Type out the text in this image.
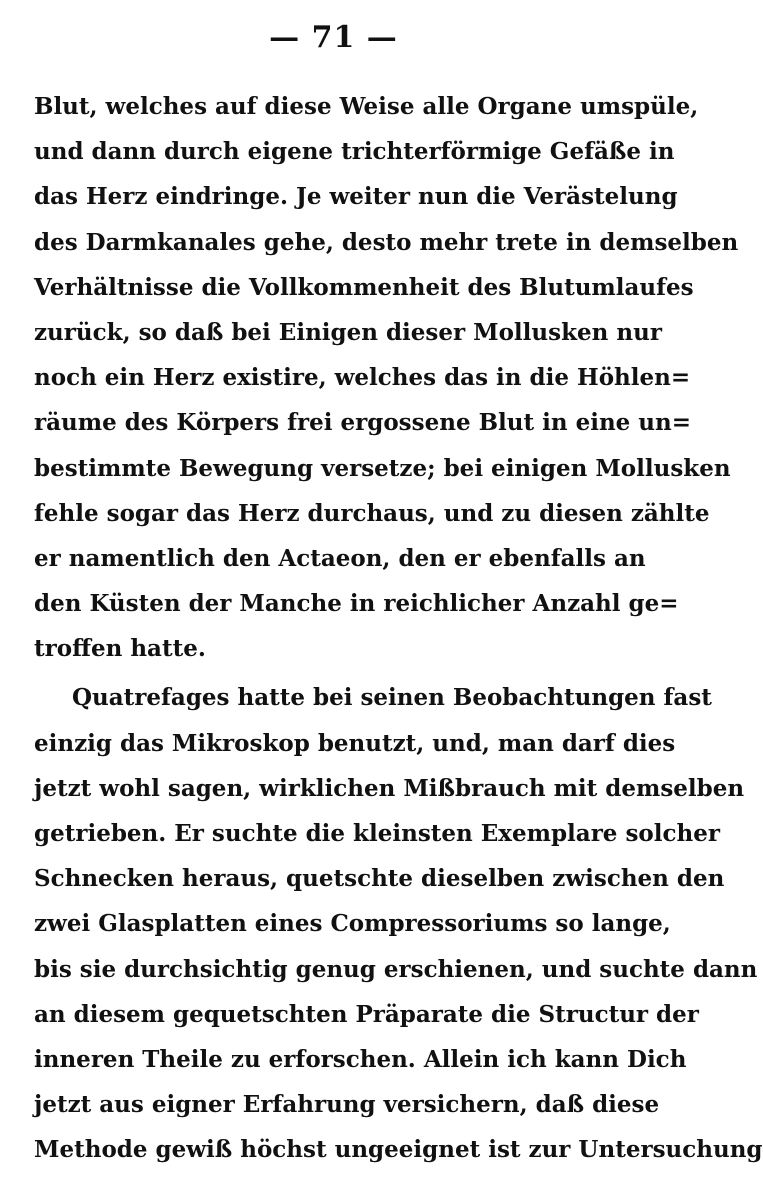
— 71 —
Blut, welches auf diese Weise alle Organe umspüle,
und dann durch eigene trichterförmige Gefäße in
das Herz eindringe. Je weiter nun die Verästelung
des Darmkanales gehe, desto mehr trete in demselben
Verhältnisse die Vollkommenheit des Blutumlaufes
zurück, so daß bei Einigen dieser Mollusken nur
noch ein Herz existire, welches das in die Höhlen=
räume des Körpers frei ergossene Blut in eine un=
bestimmte Bewegung versetze; bei einigen Mollusken
fehle sogar das Herz durchaus, und zu diesen zählte
er namentlich den Actaeon, den er ebenfalls an
den Küsten der Manche in reichlicher Anzahl ge=
troffen hatte.
Quatrefages hatte bei seinen Beobachtungen fast
einzig das Mikroskop benutzt, und, man darf dies
jetzt wohl sagen, wirklichen Mißbrauch mit demselben
getrieben. Er suchte die kleinsten Exemplare solcher
Schnecken heraus, quetschte dieselben zwischen den
zwei Glasplatten eines Compressoriums so lange,
bis sie durchsichtig genug erschienen, und suchte dann
an diesem gequetschten Präparate die Structur der
inneren Theile zu erforschen. Allein ich kann Dich
jetzt aus eigner Erfahrung versichern, daß diese
Methode gewiß höchst ungeeignet ist zur Untersuchung
